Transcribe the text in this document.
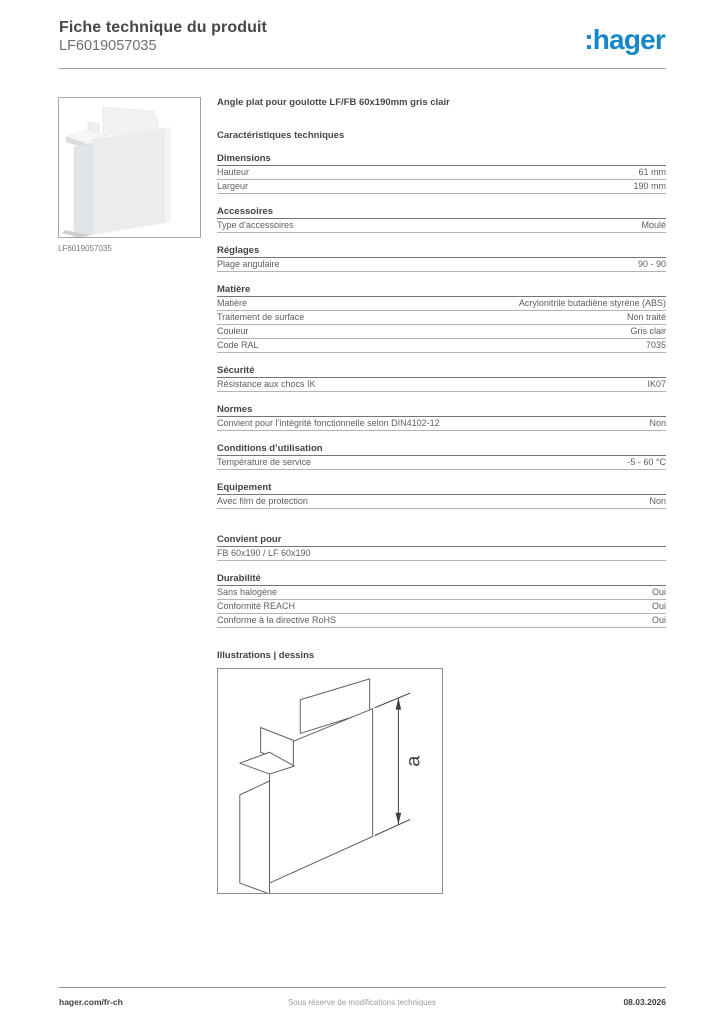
Fiche technique du produit
LF6019057035	:hager
LF6019057035
Angle plat pour goulotte LF/FB 60x190mm gris clair
Caractéristiques techniques
Dimensions
Hauteur	61 mm
Largeur	190 mm
Accessoires
Type d’accessoires	Moulé
Réglages
Plage angulaire	90 - 90
Matière
Matière	Acrylonitrile butadiène styrène (ABS)
Traitement de surface	Non traité
Couleur	Gris clair
Code RAL	7035
Sécurité
Résistance aux chocs IK	IK07
Normes
Convient pour l’intégrité fonctionnelle selon DIN4102-12	Non
Conditions d’utilisation
Température de service	-5 - 60 °C
Equipement
Avec film de protection	Non
Convient pour
FB 60x190 / LF 60x190
Durabilité
Sans halogène	Oui
Conformité REACH	Oui
Conforme à la directive RoHS	Oui
Illustrations | dessins
a
hager.com/fr-ch	Sous réserve de modifications techniques	08.03.2026
